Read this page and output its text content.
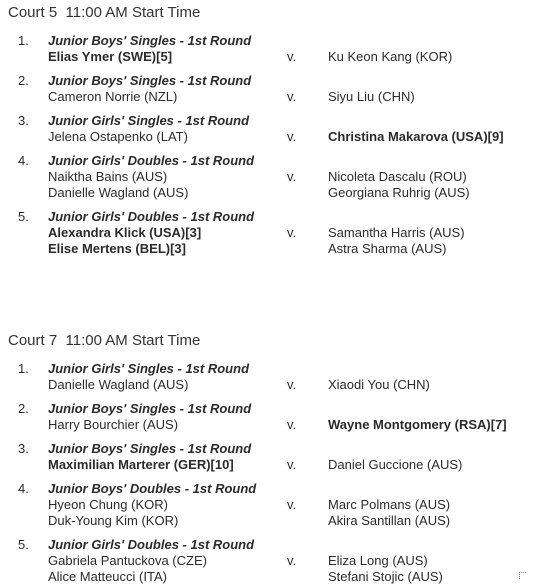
Court 5  11:00 AM Start Time
1.	Junior Boys' Singles - 1st Round
Elias Ymer (SWE)[5]	v. Ku Keon Kang (KOR)
2.	Junior Boys' Singles - 1st Round
Cameron Norrie (NZL)	v. Siyu Liu (CHN)
3.	Junior Girls' Singles - 1st Round
Jelena Ostapenko (LAT)	v. Christina Makarova (USA)[9]
4.	Junior Girls' Doubles - 1st Round
Naiktha Bains (AUS)
Danielle Wagland (AUS)
v. Nicoleta Dascalu (ROU)
Georgiana Ruhrig (AUS)
5.	Junior Girls' Doubles - 1st Round
Alexandra Klick (USA)[3]
Elise Mertens (BEL)[3]
v. Samantha Harris (AUS)
Astra Sharma (AUS)
Court 7  11:00 AM Start Time
1.	Junior Girls' Singles - 1st Round
Danielle Wagland (AUS)	v. Xiaodi You (CHN)
2.	Junior Boys' Singles - 1st Round
Harry Bourchier (AUS)	v. Wayne Montgomery (RSA)[7]
3.	Junior Boys' Singles - 1st Round
Maximilian Marterer (GER)[10]	v. Daniel Guccione (AUS)
4.	Junior Boys' Doubles - 1st Round
Hyeon Chung (KOR)
Duk-Young Kim (KOR)
v. Marc Polmans (AUS)
Akira Santillan (AUS)
5.	Junior Girls' Doubles - 1st Round
Gabriela Pantuckova (CZE)
Alice Matteucci (ITA)
v. Eliza Long (AUS)
Stefani Stojic (AUS)
